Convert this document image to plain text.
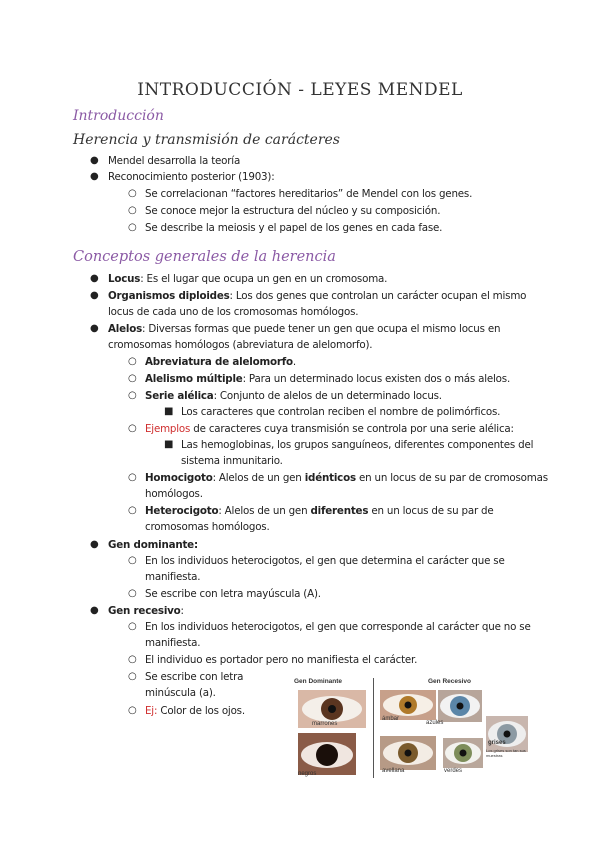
INTRODUCCIÓN - LEYES MENDEL
Introducción
Herencia y transmisión de carácteres
● Mendel desarrolla la teoría
● Reconocimiento posterior (1903):
○ Se correlacionan “factores hereditarios” de Mendel con los genes.
○ Se conoce mejor la estructura del núcleo y su composición.
○ Se describe la meiosis y el papel de los genes en cada fase.
Conceptos generales de la herencia
● Locus: Es el lugar que ocupa un gen en un cromosoma.
● Organismos diploides: Los dos genes que controlan un carácter ocupan el mismo
locus de cada uno de los cromosomas homólogos.
● Alelos: Diversas formas que puede tener un gen que ocupa el mismo locus en
cromosomas homólogos (abreviatura de alelomorfo).
○ Abreviatura de alelomorfo.
○ Alelismo múltiple: Para un determinado locus existen dos o más alelos.
○ Serie alélica: Conjunto de alelos de un determinado locus.
■ Los caracteres que controlan reciben el nombre de polimórficos.
○ Ejemplos de caracteres cuya transmisión se controla por una serie alélica:
■ Las hemoglobinas, los grupos sanguíneos, diferentes componentes del
sistema inmunitario.
○ Homocigoto: Alelos de un gen idénticos en un locus de su par de cromosomas
homólogos.
○ Heterocigoto: Alelos de un gen diferentes en un locus de su par de
cromosomas homólogos.
● Gen dominante:
○ En los individuos heterocigotos, el gen que determina el carácter que se
manifiesta.
○ Se escribe con letra mayúscula (A).
● Gen recesivo:
○ En los individuos heterocigotos, el gen que corresponde al carácter que no se
manifiesta.
○ El individuo es portador pero no manifiesta el carácter.
○ Se escribe con letra
minúscula (a).
○ Ej: Color de los ojos.
Gen Dominante	Gen Recesivo
marrones
negros
ámbar
azules
grises
Los grises son tan sus muestras
avellana	verdes
